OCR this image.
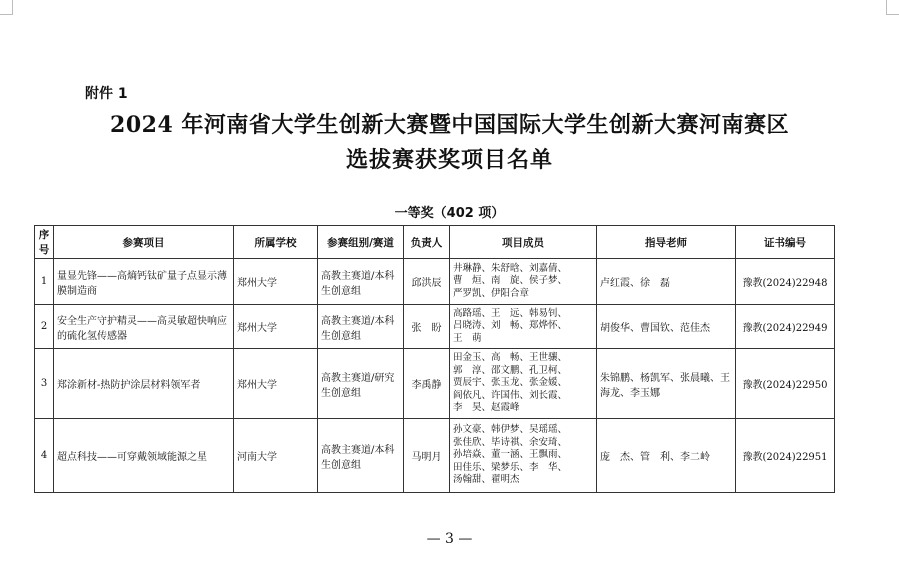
附件 1
2024 年河南省大学生创新大赛暨中国国际大学生创新大赛河南赛区
选拔赛获奖项目名单
一等奖（402 项）
序号	参赛项目	所属学校	参赛组别/赛道	负责人	项目成员	指导老师	证书编号
1	量显先锋——高熵钙钛矿量子点显示薄膜制造商	郑州大学	高教主赛道/本科生创意组	邱洪辰	井琳静、朱舒晗、刘嘉倩、
曹　烜、南　旋、侯子梦、
严罗凯、伊阳合章	卢红霞、徐　磊	豫教(2024)22948
2	安全生产守护精灵——高灵敏超快响应的硫化氢传感器	郑州大学	高教主赛道/本科生创意组	张　盼	高路瑶、王　远、韩易钊、
吕晓涛、刘　畅、郑烨怀、
王　萌	胡俊华、曹国钦、范佳杰	豫教(2024)22949
3	郑涂新材-热防护涂层材料领军者	郑州大学	高教主赛道/研究生创意组	李禹静	田金玉、高　畅、王世骧、
郭　淳、邵文鹏、孔卫柯、
贾辰宇、张玉龙、张金媛、
阎依凡、许国伟、刘长霞、
李　昊、赵霞峰	朱锦鹏、杨凯军、张晨曦、王海龙、李玉娜	豫教(2024)22950
4	超点科技——可穿戴领域能源之星	河南大学	高教主赛道/本科生创意组	马明月	孙文豪、韩伊梦、吴瑶瑶、
张佳欣、毕诗祺、余安琦、
孙培焱、董一涵、王飘雨、
田佳乐、梁梦乐、李　华、
汤翰甜、翟明杰	庞　杰、管　利、李二岭	豫教(2024)22951
— 3 —
